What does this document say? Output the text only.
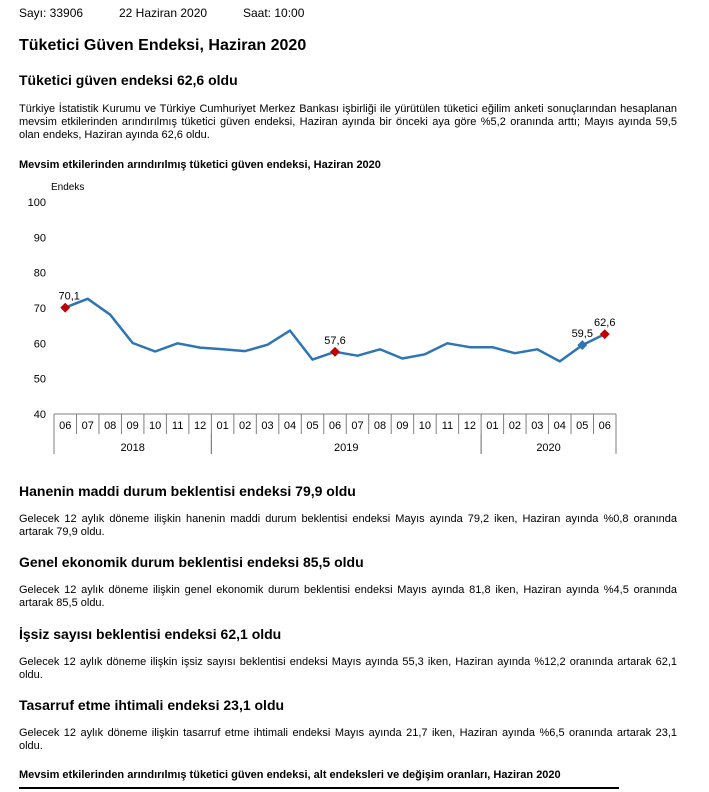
Sayı: 33906	22 Haziran 2020	Saat: 10:00
Tüketici Güven Endeksi, Haziran 2020
Tüketici güven endeksi 62,6 oldu

Türkiye İstatistik Kurumu ve Türkiye Cumhuriyet Merkez Bankası işbirliği ile yürütülen tüketici eğilim anketi sonuçlarından hesaplanan mevsim etkilerinden arındırılmış tüketici güven endeksi, Haziran ayında bir önceki aya göre %5,2 oranında arttı; Mayıs ayında 59,5 olan endeks, Haziran ayında 62,6 oldu.

Mevsim etkilerinden arındırılmış tüketici güven endeksi, Haziran 2020

Endeks
40
50
60
70
80
90
100
06 07 08 09 10 11 12 01 02 03 04 05 06 07 08 09 10 11 12 01 02 03 04 05 06
2018	2019	2020
70,1
57,6
59,5
62,6
Hanenin maddi durum beklentisi endeksi 79,9 oldu

Gelecek 12 aylık döneme ilişkin hanenin maddi durum beklentisi endeksi Mayıs ayında 79,2 iken, Haziran ayında %0,8 oranında artarak 79,9 oldu.

Genel ekonomik durum beklentisi endeksi 85,5 oldu

Gelecek 12 aylık döneme ilişkin genel ekonomik durum beklentisi endeksi Mayıs ayında 81,8 iken, Haziran ayında %4,5 oranında artarak 85,5 oldu.

İşsiz sayısı beklentisi endeksi 62,1 oldu

Gelecek 12 aylık döneme ilişkin işsiz sayısı beklentisi endeksi Mayıs ayında 55,3 iken, Haziran ayında %12,2 oranında artarak 62,1 oldu.

Tasarruf etme ihtimali endeksi 23,1 oldu

Gelecek 12 aylık döneme ilişkin tasarruf etme ihtimali endeksi Mayıs ayında 21,7 iken, Haziran ayında %6,5 oranında artarak 23,1 oldu.

Mevsim etkilerinden arındırılmış tüketici güven endeksi, alt endeksleri ve değişim oranları, Haziran 2020
